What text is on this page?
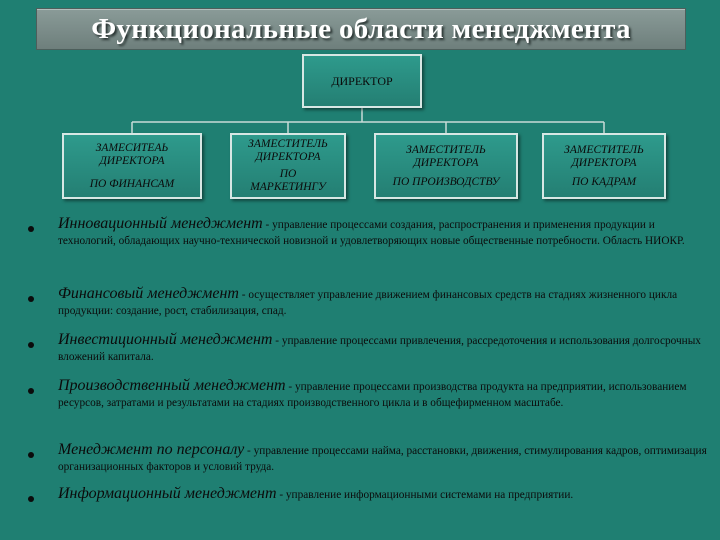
Функциональные области менеджмента
ДИРЕКТОР
ЗАМЕСИТЕАЬ
ДИРЕКТОРА
ПО ФИНАНСАМ
ЗАМЕСТИТЕЛЬ
ДИРЕКТОРА
ПО МАРКЕТИНГУ
ЗАМЕСТИТЕЛЬ
ДИРЕКТОРА
ПО ПРОИЗВОДСТВУ
ЗАМЕСТИТЕЛЬ
ДИРЕКТОРА
ПО КАДРАМ
Инновационный менеджмент - управление процессами создания, распространения и применения продукции и технологий, обладающих научно-технической новизной и удовлетворяющих новые общественные потребности. Область НИОКР.
Финансовый менеджмент - осуществляет управление движением финансовых средств на стадиях жизненного цикла продукции: создание, рост, стабилизация, спад.
Инвестиционный менеджмент - управление процессами привлечения, рассредоточения и использования долгосрочных вложений капитала.
Производственный менеджмент - управление процессами производства продукта на предприятии, использованием ресурсов, затратами и результатами на стадиях производственного цикла и в общефирменном масштабе.
Менеджмент по персоналу - управление процессами найма, расстановки, движения, стимулирования кадров, оптимизация организационных факторов и условий труда.
Информационный менеджмент - управление информационными системами на предприятии.
